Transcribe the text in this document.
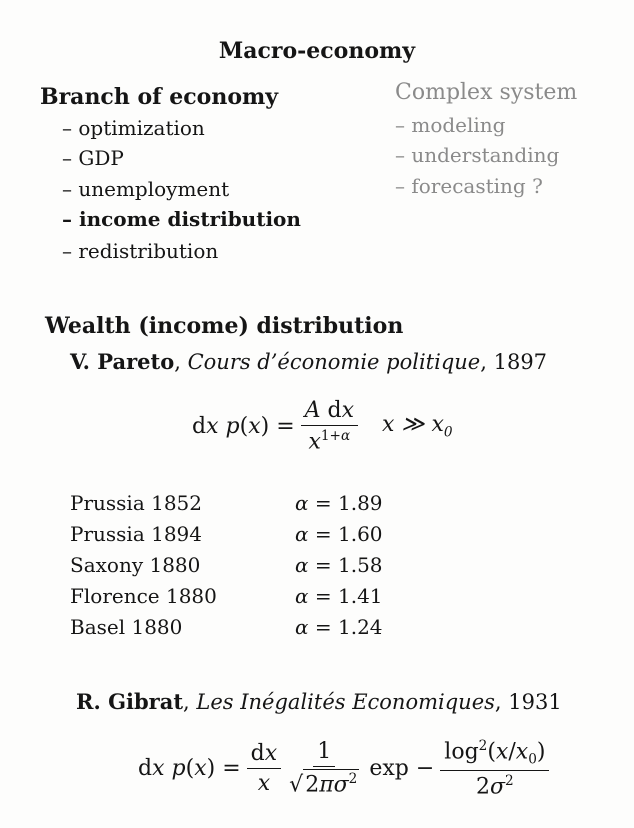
Macro-economy
Branch of economy
– optimization
– GDP
– unemployment
– income distribution
– redistribution
Complex system
– modeling
– understanding
– forecasting ?
Wealth (income) distribution
V. Pareto, Cours d’économie politique, 1897
dx $p(x) = \frac{\text{A dx}}{x^{1+\alpha}}$ x ≫ $x_0$
Prussia 1852	α = 1.89
Prussia 1894	α = 1.60
Saxony 1880	α = 1.58
Florence 1880	α = 1.41
Basel 1880	α = 1.24
R. Gibrat, Les Inégalités Economiques, 1931
dx $p(x) = \frac{dx}{x} \frac{1}{√2\pi\sigma^2}$ $\exp - \frac{\log^2(x/x_0)}{2\sigma^2}$
